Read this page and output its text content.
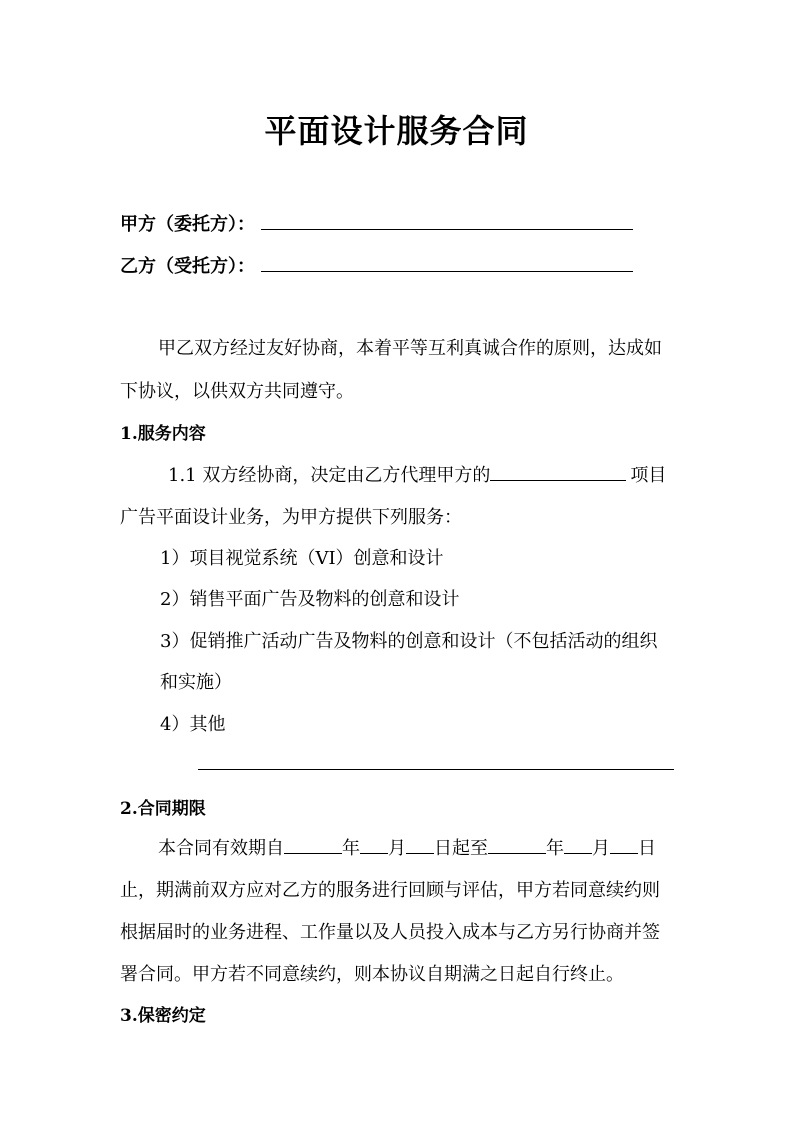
平面设计服务合同
甲方（委托方）：
乙方（受托方）：
甲乙双方经过友好协商，本着平等互利真诚合作的原则，达成如
下协议，以供双方共同遵守。
1.服务内容
1.1 双方经协商，决定由乙方代理甲方的	项目
广告平面设计业务，为甲方提供下列服务：
1）项目视觉系统（VI）创意和设计
2）销售平面广告及物料的创意和设计
3）促销推广活动广告及物料的创意和设计（不包括活动的组织
和实施）
4）其他
2.合同期限
本合同有效期自	年 月 日起至	年 月 日
止，期满前双方应对乙方的服务进行回顾与评估，甲方若同意续约则
根据届时的业务进程、工作量以及人员投入成本与乙方另行协商并签
署合同。甲方若不同意续约，则本协议自期满之日起自行终止。
3.保密约定
